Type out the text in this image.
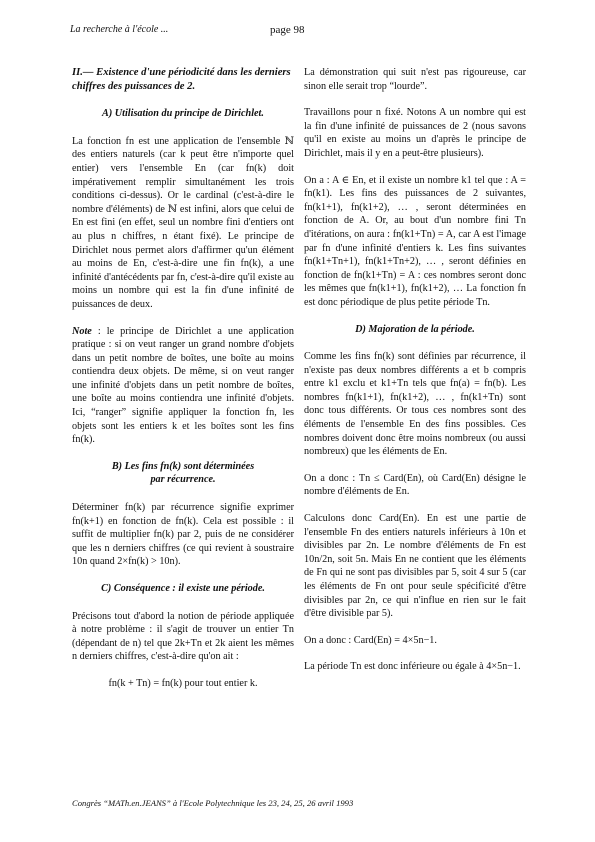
La recherche à l'école ...	page 98
II.— Existence d'une périodicité dans les derniers chiffres des puissances de 2.
A) Utilisation du principe de Dirichlet.

La fonction fn est une application de l'ensemble ℕ des entiers naturels (car k peut être n'importe quel entier) vers l'ensemble En (car fn(k) doit impérativement remplir simultanément les trois conditions ci-dessus). Or le cardinal (c'est-à-dire le nombre d'éléments) de ℕ est infini, alors que celui de En est fini (en effet, seul un nombre fini d'entiers ont au plus n chiffres, n étant fixé). Le principe de Dirichlet nous permet alors d'affirmer qu'un élément au moins de En, c'est-à-dire une fin fn(k), a une infinité d'antécédents par fn, c'est-à-dire qu'il existe au moins un nombre qui est la fin d'une infinité de puissances de deux.

Note : le principe de Dirichlet a une application pratique : si on veut ranger un grand nombre d'objets dans un petit nombre de boîtes, une boîte au moins contiendra deux objets. De même, si on veut ranger une infinité d'objets dans un petit nombre de boîtes, une boîte au moins contiendra une infinité d'objets. Ici, “ranger” signifie appliquer la fonction fn, les objets sont les entiers k et les boîtes sont les fins fn(k).

B) Les fins fn(k) sont déterminées
par récurrence.

Déterminer fn(k) par récurrence signifie exprimer fn(k+1) en fonction de fn(k). Cela est possible : il suffit de multiplier fn(k) par 2, puis de ne considérer que les n derniers chiffres (ce qui revient à soustraire 10n quand 2×fn(k) > 10n).

C) Conséquence : il existe une période.

Précisons tout d'abord la notion de période appliquée à notre problème : il s'agit de trouver un entier Tn (dépendant de n) tel que 2k+Tn et 2k aient les mêmes n derniers chiffres, c'est-à-dire qu'on ait :

fn(k + Tn) = fn(k) pour tout entier k.

La démonstration qui suit n'est pas rigoureuse, car sinon elle serait trop “lourde”.

Travaillons pour n fixé. Notons A un nombre qui est la fin d'une infinité de puissances de 2 (nous savons qu'il en existe au moins un d'après le principe de Dirichlet, mais il y en a peut-être plusieurs).

On a : A ∈ En, et il existe un nombre k1 tel que : A = fn(k1). Les fins des puissances de 2 suivantes, fn(k1+1), fn(k1+2), … , seront déterminées en fonction de A. Or, au bout d'un nombre fini Tn d'itérations, on aura : fn(k1+Tn) = A, car A est l'image par fn d'une infinité d'entiers k. Les fins suivantes fn(k1+Tn+1), fn(k1+Tn+2), … , seront définies en fonction de fn(k1+Tn) = A : ces nombres seront donc les mêmes que fn(k1+1), fn(k1+2), … La fonction fn est donc périodique de plus petite période Tn.

D) Majoration de la période.

Comme les fins fn(k) sont définies par récurrence, il n'existe pas deux nombres différents a et b compris entre k1 exclu et k1+Tn tels que fn(a) = fn(b). Les nombres fn(k1+1), fn(k1+2), … , fn(k1+Tn) sont donc tous différents. Or tous ces nombres sont des éléments de l'ensemble En des fins possibles. Ces nombres doivent donc être moins nombreux (ou aussi nombreux) que les éléments de En.

On a donc : Tn ≤ Card(En), où Card(En) désigne le nombre d'éléments de En.

Calculons donc Card(En). En est une partie de l'ensemble Fn des entiers naturels inférieurs à 10n et divisibles par 2n. Le nombre d'éléments de Fn est 10n/2n, soit 5n. Mais En ne contient que les éléments de Fn qui ne sont pas divisibles par 5, soit 4 sur 5 (car les éléments de Fn ont pour seule spécificité d'être divisibles par 2n, ce qui n'influe en rien sur le fait d'être divisible par 5).

On a donc : Card(En) = 4×5n−1.

La période Tn est donc inférieure ou égale à 4×5n−1.

Congrès “MATh.en.JEANS” à l'Ecole Polytechnique les 23, 24, 25, 26 avril 1993
